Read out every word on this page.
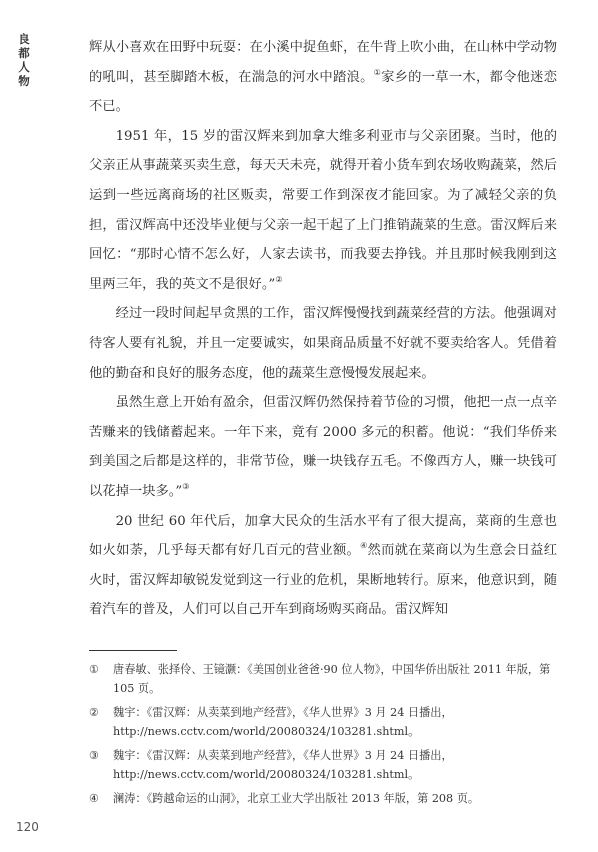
良都人物

辉从小喜欢在田野中玩耍：在小溪中捉鱼虾，在牛背上吹小曲，在山林中学动物的吼叫，甚至脚踏木板，在湍急的河水中踏浪。①家乡的一草一木，都令他迷恋不已。

1951 年，15 岁的雷汉辉来到加拿大维多利亚市与父亲团聚。当时，他的父亲正从事蔬菜买卖生意，每天天未亮，就得开着小货车到农场收购蔬菜，然后运到一些远离商场的社区贩卖，常要工作到深夜才能回家。为了减轻父亲的负担，雷汉辉高中还没毕业便与父亲一起干起了上门推销蔬菜的生意。雷汉辉后来回忆：“那时心情不怎么好，人家去读书，而我要去挣钱。并且那时候我刚到这里两三年，我的英文不是很好。”②

经过一段时间起早贪黑的工作，雷汉辉慢慢找到蔬菜经营的方法。他强调对待客人要有礼貌，并且一定要诚实，如果商品质量不好就不要卖给客人。凭借着他的勤奋和良好的服务态度，他的蔬菜生意慢慢发展起来。

虽然生意上开始有盈余，但雷汉辉仍然保持着节俭的习惯，他把一点一点辛苦赚来的钱储蓄起来。一年下来，竟有 2000 多元的积蓄。他说：“我们华侨来到美国之后都是这样的，非常节俭，赚一块钱存五毛。不像西方人，赚一块钱可以花掉一块多。”③

20 世纪 60 年代后，加拿大民众的生活水平有了很大提高，菜商的生意也如火如荼，几乎每天都有好几百元的营业额。④然而就在菜商以为生意会日益红火时，雷汉辉却敏锐发觉到这一行业的危机，果断地转行。原来，他意识到，随着汽车的普及，人们可以自己开车到商场购买商品。雷汉辉知

①	唐春敏、张择伶、王镜灏：《美国创业爸爸·90 位人物》，中国华侨出版社 2011 年版，第 105 页。
②	魏宇：《雷汉辉：从卖菜到地产经营》，《华人世界》3 月 24 日播出，http://news.cctv.com/world/20080324/103281.shtml。
③	魏宇：《雷汉辉：从卖菜到地产经营》，《华人世界》3 月 24 日播出，http://news.cctv.com/world/20080324/103281.shtml。
④	澜涛：《跨越命运的山洞》，北京工业大学出版社 2013 年版，第 208 页。
120
